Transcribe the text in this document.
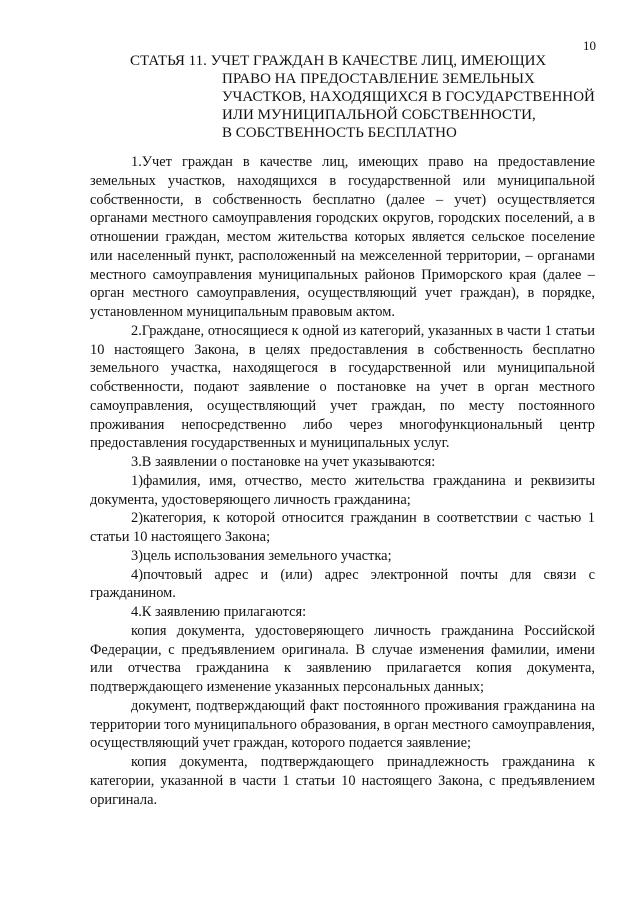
10
СТАТЬЯ 11. УЧЕТ ГРАЖДАН В КАЧЕСТВЕ ЛИЦ, ИМЕЮЩИХ
ПРАВО НА ПРЕДОСТАВЛЕНИЕ ЗЕМЕЛЬНЫХ
УЧАСТКОВ, НАХОДЯЩИХСЯ В ГОСУДАРСТВЕННОЙ
ИЛИ МУНИЦИПАЛЬНОЙ СОБСТВЕННОСТИ,
В СОБСТВЕННОСТЬ БЕСПЛАТНО

1.Учет граждан в качестве лиц, имеющих право на предоставление земельных участков, находящихся в государственной или муниципальной собственности, в собственность бесплатно (далее – учет) осуществляется органами местного самоуправления городских округов, городских поселений, а в отношении граждан, местом жительства которых является сельское поселение или населенный пункт, расположенный на межселенной территории, – органами местного самоуправления муниципальных районов Приморского края (далее – орган местного самоуправления, осуществляющий учет граждан), в порядке, установленном муниципальным правовым актом.

2.Граждане, относящиеся к одной из категорий, указанных в части 1 статьи 10 настоящего Закона, в целях предоставления в собственность бесплатно земельного участка, находящегося в государственной или муниципальной собственности, подают заявление о постановке на учет в орган местного самоуправления, осуществляющий учет граждан, по месту постоянного проживания непосредственно либо через многофункциональный центр предоставления государственных и муниципальных услуг.

3.В заявлении о постановке на учет указываются:

1)фамилия, имя, отчество, место жительства гражданина и реквизиты документа, удостоверяющего личность гражданина;

2)категория, к которой относится гражданин в соответствии с частью 1 статьи 10 настоящего Закона;

3)цель использования земельного участка;

4)почтовый адрес и (или) адрес электронной почты для связи с гражданином.

4.К заявлению прилагаются:

копия документа, удостоверяющего личность гражданина Российской Федерации, с предъявлением оригинала. В случае изменения фамилии, имени или отчества гражданина к заявлению прилагается копия документа, подтверждающего изменение указанных персональных данных;

документ, подтверждающий факт постоянного проживания гражданина на территории того муниципального образования, в орган местного самоуправления, осуществляющий учет граждан, которого подается заявление;

копия документа, подтверждающего принадлежность гражданина к категории, указанной в части 1 статьи 10 настоящего Закона, с предъявлением оригинала.
